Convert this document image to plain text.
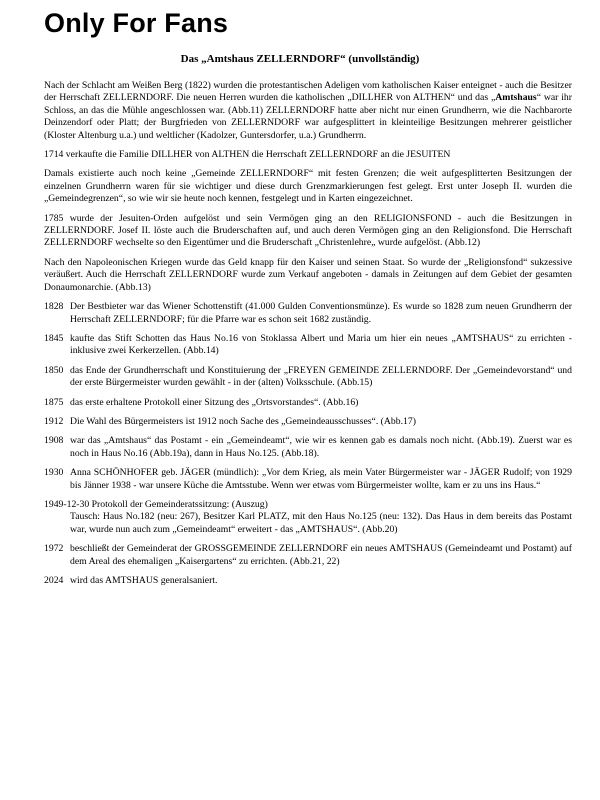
Only For Fans
Das „Amtshaus ZELLERNDORF“ (unvollständig)

Nach der Schlacht am Weißen Berg (1822) wurden die protestantischen Adeligen vom katholischen Kaiser enteignet - auch die Besitzer der Herrschaft ZELLERNDORF. Die neuen Herren wurden die katholischen „DILLHER von ALTHEN“ und das „Amtshaus“ war ihr Schloss, an das die Mühle angeschlossen war. (Abb.11) ZELLERNDORF hatte aber nicht nur einen Grundherrn, wie die Nachbarorte Deinzendorf oder Platt; der Burgfrieden von ZELLERNDORF war aufgesplittert in kleinteilige Besitzungen mehrerer geistlicher (Kloster Altenburg u.a.) und weltlicher (Kadolzer, Guntersdorfer, u.a.) Grundherrn.

1714 verkaufte die Familie DILLHER von ALTHEN die Herrschaft ZELLERNDORF an die JESUITEN

Damals existierte auch noch keine „Gemeinde ZELLERNDORF“ mit festen Grenzen; die weit aufgesplitterten Besitzungen der einzelnen Grundherrn waren für sie wichtiger und diese durch Grenzmarkierungen fest gelegt. Erst unter Joseph II. wurden die „Gemeindegrenzen“, so wie wir sie heute noch kennen, festgelegt und in Karten eingezeichnet.

1785 wurde der Jesuiten-Orden aufgelöst und sein Vermögen ging an den RELIGIONSFOND - auch die Besitzungen in ZELLERNDORF. Josef II. löste auch die Bruderschaften auf, und auch deren Vermögen ging an den Religionsfond. Die Herrschaft ZELLERNDORF wechselte so den Eigentümer und die Bruderschaft „Christenlehre„ wurde aufgelöst. (Abb.12)

Nach den Napoleonischen Kriegen wurde das Geld knapp für den Kaiser und seinen Staat. So wurde der „Religionsfond“ sukzessive veräußert. Auch die Herrschaft ZELLERNDORF wurde zum Verkauf angeboten - damals in Zeitungen auf dem Gebiet der gesamten Donaumonarchie. (Abb.13)

1828 Der Bestbieter war das Wiener Schottenstift (41.000 Gulden Conventionsmünze). Es wurde so 1828 zum neuen Grundherrn der Herrschaft ZELLERNDORF; für die Pfarre war es schon seit 1682 zuständig.
1845 kaufte das Stift Schotten das Haus No.16 von Stoklassa Albert und Maria um hier ein neues „AMTSHAUS“ zu errichten - inklusive zwei Kerkerzellen. (Abb.14)
1850 das Ende der Grundherrschaft und Konstituierung der „FREYEN GEMEINDE ZELLERNDORF. Der „Gemeindevorstand“ und der erste Bürgermeister wurden gewählt - in der (alten) Volksschule. (Abb.15)
1875 das erste erhaltene Protokoll einer Sitzung des „Ortsvorstandes“. (Abb.16)
1912 Die Wahl des Bürgermeisters ist 1912 noch Sache des „Gemeindeausschusses“. (Abb.17)
1908 war das „Amtshaus“ das Postamt - ein „Gemeindeamt“, wie wir es kennen gab es damals noch nicht. (Abb.19). Zuerst war es noch in Haus No.16 (Abb.19a), dann in Haus No.125. (Abb.18).
1930 Anna SCHÖNHOFER geb. JÄGER (mündlich): „Vor dem Krieg, als mein Vater Bürgermeister war - JÄGER Rudolf; von 1929 bis Jänner 1938 - war unsere Küche die Amtsstube. Wenn wer etwas vom Bürgermeister wollte, kam er zu uns ins Haus.“
1949-12-30 Protokoll der Gemeinderatssitzung: (Auszug)
Tausch: Haus No.182 (neu: 267), Besitzer Karl PLATZ, mit den Haus No.125 (neu: 132). Das Haus in dem bereits das Postamt war, wurde nun auch zum „Gemeindeamt“ erweitert - das „AMTSHAUS“. (Abb.20)
1972 beschließt der Gemeinderat der GROSSGEMEINDE ZELLERNDORF ein neues AMTSHAUS (Gemeindeamt und Postamt) auf dem Areal des ehemaligen „Kaisergartens“ zu errichten. (Abb.21, 22)
2024 wird das AMTSHAUS generalsaniert.
